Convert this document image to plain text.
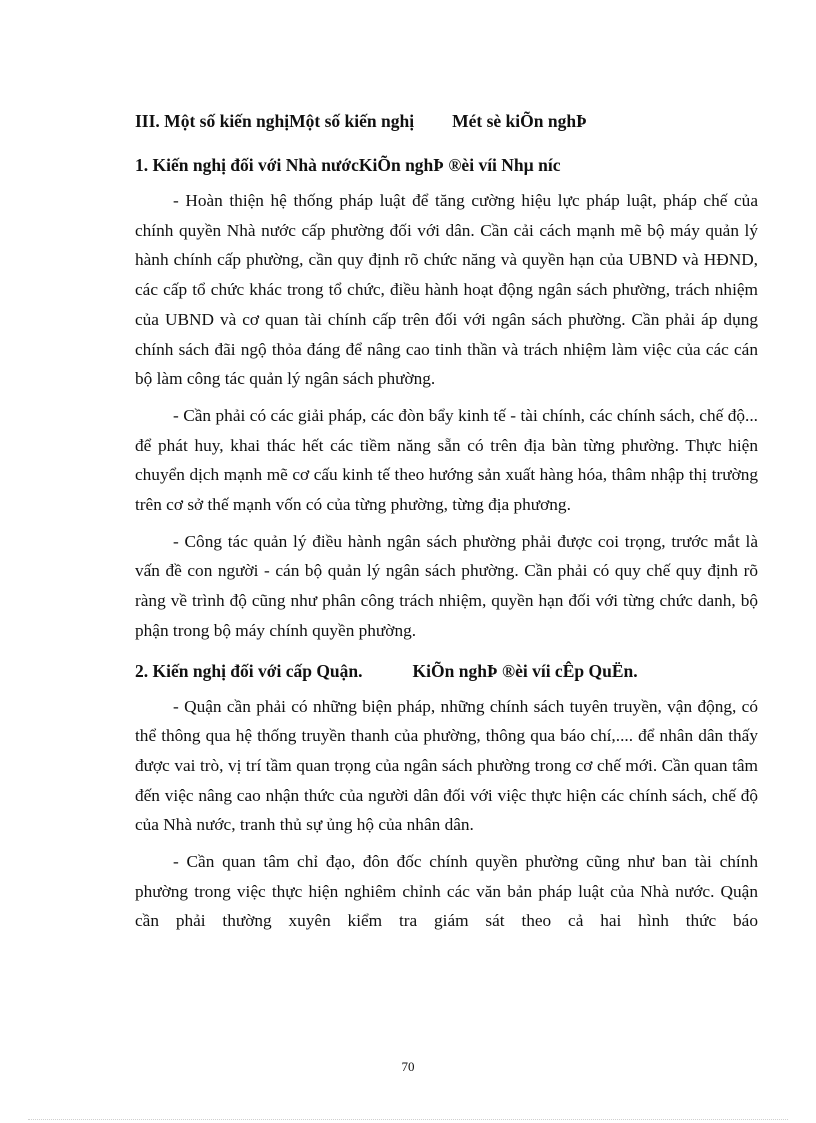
III. Một số kiến nghịMột số kiến nghị Mét sè kiÕn nghÞ
1. Kiến nghị đối với Nhà nướcKiÕn nghÞ ®èi víi Nhµ níc

- Hoàn thiện hệ thống pháp luật để tăng cường hiệu lực pháp luật, pháp chế của chính quyền Nhà nước cấp phường đối với dân. Cần cải cách mạnh mẽ bộ máy quản lý hành chính cấp phường, cần quy định rõ chức năng và quyền hạn của UBND và HĐND, các cấp tổ chức khác trong tổ chức, điều hành hoạt động ngân sách phường, trách nhiệm của UBND và cơ quan tài chính cấp trên đối với ngân sách phường. Cần phải áp dụng chính sách đãi ngộ thỏa đáng để nâng cao tinh thần và trách nhiệm làm việc của các cán bộ làm công tác quản lý ngân sách phường.

- Cần phải có các giải pháp, các đòn bẩy kinh tế - tài chính, các chính sách, chế độ... để phát huy, khai thác hết các tiềm năng sẵn có trên địa bàn từng phường. Thực hiện chuyển dịch mạnh mẽ cơ cấu kinh tế theo hướng sản xuất hàng hóa, thâm nhập thị trường trên cơ sở thế mạnh vốn có của từng phường, từng địa phương.

- Công tác quản lý điều hành ngân sách phường phải được coi trọng, trước mắt là vấn đề con người - cán bộ quản lý ngân sách phường. Cần phải có quy chế quy định rõ ràng về trình độ cũng như phân công trách nhiệm, quyền hạn đối với từng chức danh, bộ phận trong bộ máy chính quyền phường.

2. Kiến nghị đối với cấp Quận.	KiÕn nghÞ ®èi víi cÊp QuËn.

- Quận cần phải có những biện pháp, những chính sách tuyên truyền, vận động, có thể thông qua hệ thống truyền thanh của phường, thông qua báo chí,.... để nhân dân thấy được vai trò, vị trí tầm quan trọng của ngân sách phường trong cơ chế mới. Cần quan tâm đến việc nâng cao nhận thức của người dân đối với việc thực hiện các chính sách, chế độ của Nhà nước, tranh thủ sự ủng hộ của nhân dân.

- Cần quan tâm chỉ đạo, đôn đốc chính quyền phường cũng như ban tài chính phường trong việc thực hiện nghiêm chỉnh các văn bản pháp luật của Nhà nước. Quận cần phải thường xuyên kiểm tra giám sát theo cả hai hình thức báo

70
